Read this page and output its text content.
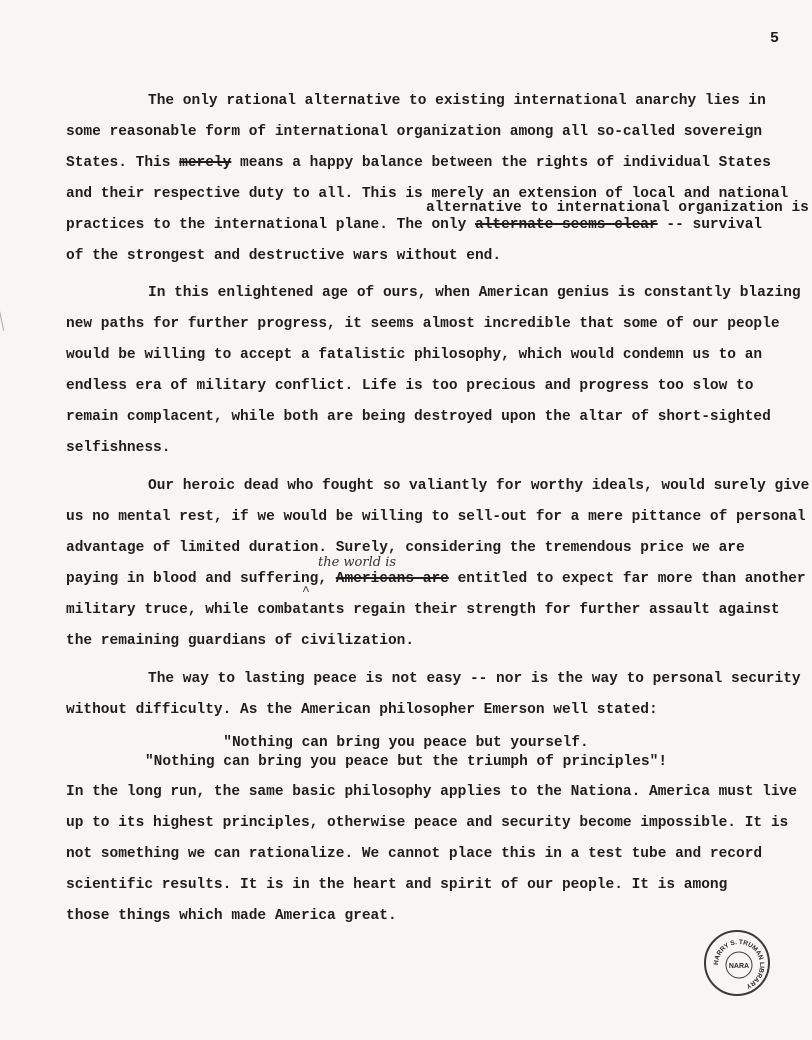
5
The only rational alternative to existing international anarchy lies in
some reasonable form of international organization among all so-called sovereign
States. This merely means a happy balance between the rights of individual States
and their respective duty to all. This is merely an extension of local and national
practices to the international plane. The only alternate seems clear -- survival
of the strongest and destructive wars without end.
alternative to international organization is
In this enlightened age of ours, when American genius is constantly blazing
new paths for further progress, it seems almost incredible that some of our people
would be willing to accept a fatalistic philosophy, which would condemn us to an
endless era of military conflict. Life is too precious and progress too slow to
remain complacent, while both are being destroyed upon the altar of short-sighted
selfishness.
Our heroic dead who fought so valiantly for worthy ideals, would surely give
us no mental rest, if we would be willing to sell-out for a mere pittance of personal
advantage of limited duration. Surely, considering the tremendous price we are
paying in blood and suffering, Americans are entitled to expect far more than another
military truce, while combatants regain their strength for further assault against
the remaining guardians of civilization.
the world is
^
The way to lasting peace is not easy -- nor is the way to personal security
without difficulty. As the American philosopher Emerson well stated:
"Nothing can bring you peace but yourself.
"Nothing can bring you peace but the triumph of principles"!
In the long run, the same basic philosophy applies to the Nationa. America must live
up to its highest principles, otherwise peace and security become impossible. It is
not something we can rationalize. We cannot place this in a test tube and record
scientific results. It is in the heart and spirit of our people. It is among
those things which made America great.
HARRY S. TRUMAN LIBRARY
NARA
